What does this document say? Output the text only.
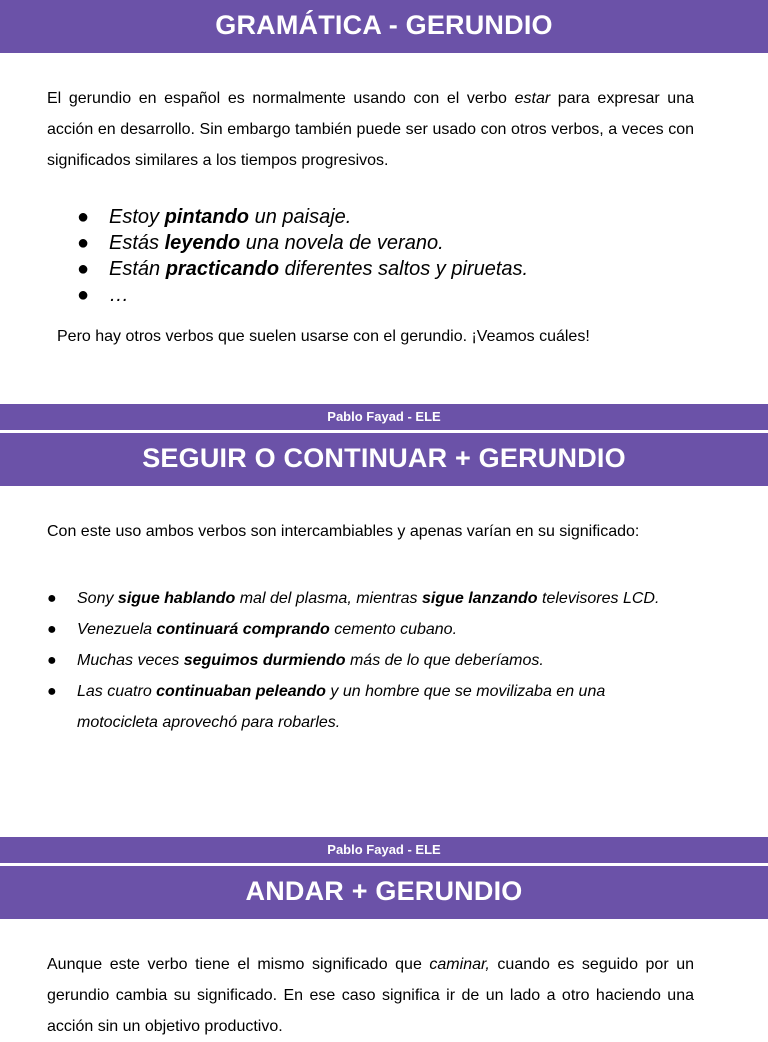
GRAMÁTICA - GERUNDIO

El gerundio en español es normalmente usando con el verbo estar para expresar una acción en desarrollo. Sin embargo también puede ser usado con otros verbos, a veces con significados similares a los tiempos progresivos.

● Estoy pintando un paisaje.
● Estás leyendo una novela de verano.
● Están practicando diferentes saltos y piruetas.
● …

Pero hay otros verbos que suelen usarse con el gerundio. ¡Veamos cuáles!

Pablo Fayad - ELE
SEGUIR O CONTINUAR + GERUNDIO

Con este uso ambos verbos son intercambiables y apenas varían en su significado:

● Sony sigue hablando mal del plasma, mientras sigue lanzando televisores LCD.
● Venezuela continuará comprando cemento cubano.
● Muchas veces seguimos durmiendo más de lo que deberíamos.
● Las cuatro continuaban peleando y un hombre que se movilizaba en una motocicleta aprovechó para robarles.
Pablo Fayad - ELE
ANDAR + GERUNDIO

Aunque este verbo tiene el mismo significado que caminar, cuando es seguido por un gerundio cambia su significado. En ese caso significa ir de un lado a otro haciendo una acción sin un objetivo productivo.
